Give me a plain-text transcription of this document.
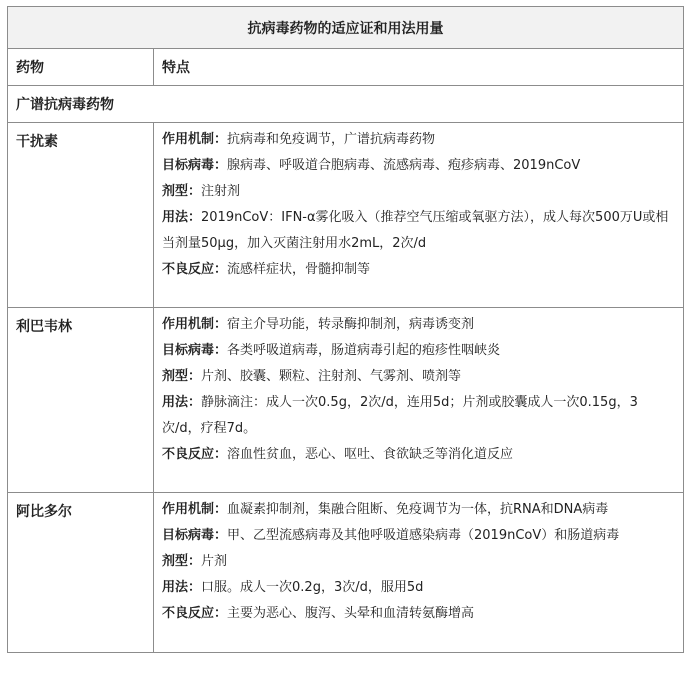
抗病毒药物的适应证和用法用量	
药物	特点
广谱抗病毒药物	
干扰素	作用机制：抗病毒和免疫调节，广谱抗病毒药物
目标病毒：腺病毒、呼吸道合胞病毒、流感病毒、疱疹病毒、2019nCoV
剂型：注射剂
用法：2019nCoV：IFN-α雾化吸入（推荐空气压缩或氧驱方法），成人每次500万U或相当剂量50μg，加入灭菌注射用水2mL，2次/d
不良反应：流感样症状，骨髓抑制等

利巴韦林	作用机制：宿主介导功能，转录酶抑制剂，病毒诱变剂
目标病毒：各类呼吸道病毒，肠道病毒引起的疱疹性咽峡炎
剂型：片剂、胶囊、颗粒、注射剂、气雾剂、喷剂等
用法：静脉滴注：成人一次0.5g，2次/d，连用5d；片剂或胶囊成人一次0.15g，3次/d，疗程7d。
不良反应：溶血性贫血，恶心、呕吐、食欲缺乏等消化道反应

阿比多尔	作用机制：血凝素抑制剂，集融合阻断、免疫调节为一体，抗RNA和DNA病毒
目标病毒：甲、乙型流感病毒及其他呼吸道感染病毒（2019nCoV）和肠道病毒
剂型：片剂
用法：口服。成人一次0.2g，3次/d，服用5d
不良反应：主要为恶心、腹泻、头晕和血清转氨酶增高
